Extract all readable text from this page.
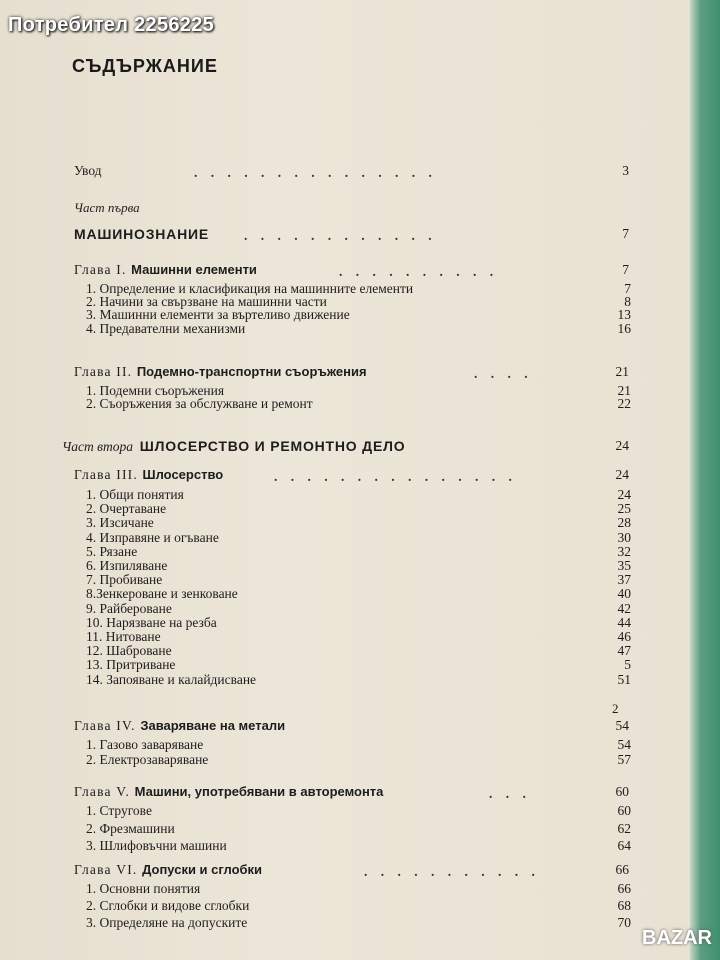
Потребител 2256225
СЪДЪРЖАНИЕ
Увод	. . . . . . . . . . . . . . .	3
Част първа
МАШИНОЗНАНИЕ	. . . . . . . . . . . .	7
Глава I. Машинни елементи	. . . . . . . . . .	7
1. Определение и класификация на машинните елементи	7
2. Начини за свързване на машинни части	8
3. Машинни елементи за въртеливо движение	13
4. Предавателни механизми	16
Глава II. Подемно-транспортни съоръжения	. . . .	21
1. Подемни съоръжения	21
2. Съоръжения за обслужване и ремонт	22
Част втора ШЛОСЕРСТВО И РЕМОНТНО ДЕЛО	24
Глава III. Шлосерство	. . . . . . . . . . . . . . .	24
1. Общи понятия	24
2. Очертаване	25
3. Изсичане	28
4. Изправяне и огъване	30
5. Рязане	32
6. Изпиляване	35
7. Пробиване	37
8.Зенкероване и зенковане	40
9. Райбероване	42
10. Нарязване на резба	44
11. Нитоване	46
12. Шаброване	47
13. Притриване	5
14. Запояване и калайдисване	51
2
Глава IV. Заваряване на метали	54
1. Газово заваряване	54
2. Електрозаваряване	57
Глава V. Машини, употребявани в авторемонта	. . .	60
1. Стругове	60
2. Фрезмашини	62
3. Шлифовъчни машини	64
Глава VI. Допуски и сглобки	. . . . . . . . . . .	66
1. Основни понятия	66
2. Сглобки и видове сглобки	68
3. Определяне на допуските	70
BAZAR
